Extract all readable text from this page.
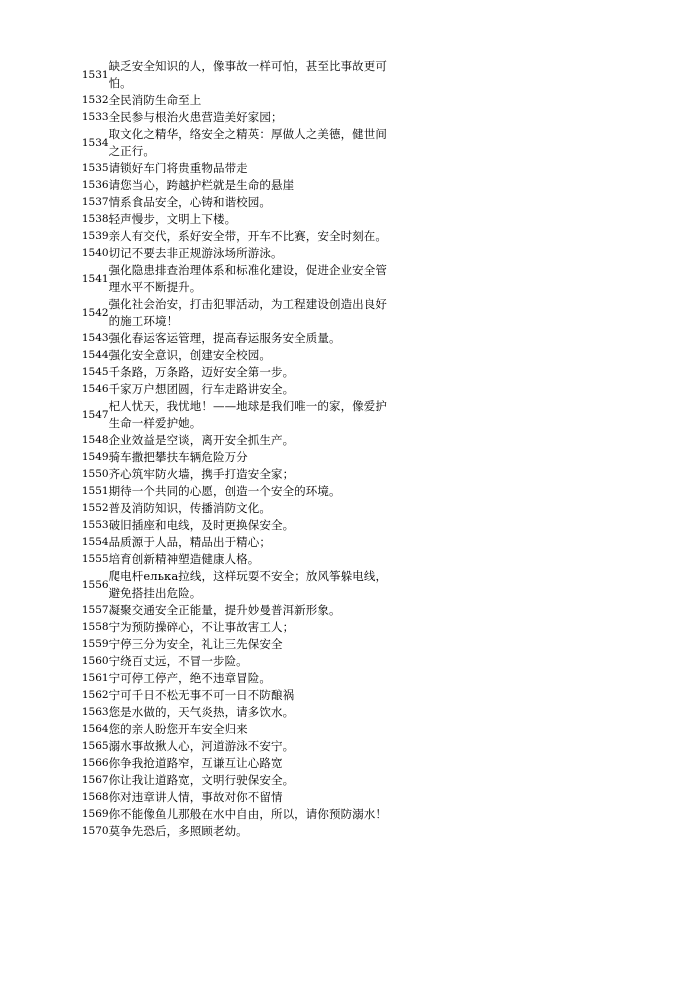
1531	缺乏安全知识的人，像事故一样可怕，甚至比事故更可怕。
1532	全民消防生命至上
1533	全民参与根治火患营造美好家园；
1534	取文化之精华，络安全之精英：厚做人之美德，健世间之正行。
1535	请锁好车门将贵重物品带走
1536	请您当心，跨越护栏就是生命的悬崖
1537	情系食品安全，心铸和谐校园。
1538	轻声慢步，文明上下楼。
1539	亲人有交代，系好安全带，开车不比赛，安全时刻在。
1540	切记不要去非正规游泳场所游泳。
1541	强化隐患排查治理体系和标准化建设，促进企业安全管理水平不断提升。
1542	强化社会治安，打击犯罪活动，为工程建设创造出良好的施工环境！
1543	强化春运客运管理，提高春运服务安全质量。
1544	强化安全意识，创建安全校园。
1545	千条路，万条路，迈好安全第一步。
1546	千家万户想团圆，行车走路讲安全。
1547	杞人忧天，我忧地！——地球是我们唯一的家，像爱护生命一样爱护她。
1548	企业效益是空谈，离开安全抓生产。
1549	骑车撒把攀扶车辆危险万分
1550	齐心筑牢防火墙，携手打造安全家；
1551	期待一个共同的心愿，创造一个安全的环境。
1552	普及消防知识，传播消防文化。
1553	破旧插座和电线，及时更换保安全。
1554	品质源于人品，精品出于精心；
1555	培育创新精神塑造健康人格。
1556	爬电杆елька拉线，这样玩耍不安全；放风筝躲电线，避免搭挂出危险。
1557	凝聚交通安全正能量，提升妙曼普洱新形象。
1558	宁为预防操碎心，不让事故害工人；
1559	宁停三分为安全，礼让三先保安全
1560	宁绕百丈远，不冒一步险。
1561	宁可停工停产，绝不违章冒险。
1562	宁可千日不松无事不可一日不防酿祸
1563	您是水做的，天气炎热，请多饮水。
1564	您的亲人盼您开车安全归来
1565	溺水事故揪人心，河道游泳不安宁。
1566	你争我抢道路窄，互谦互让心路宽
1567	你让我让道路宽，文明行驶保安全。
1568	你对违章讲人情，事故对你不留情
1569	你不能像鱼儿那般在水中自由，所以，请你预防溺水！
1570	莫争先恐后，多照顾老幼。
